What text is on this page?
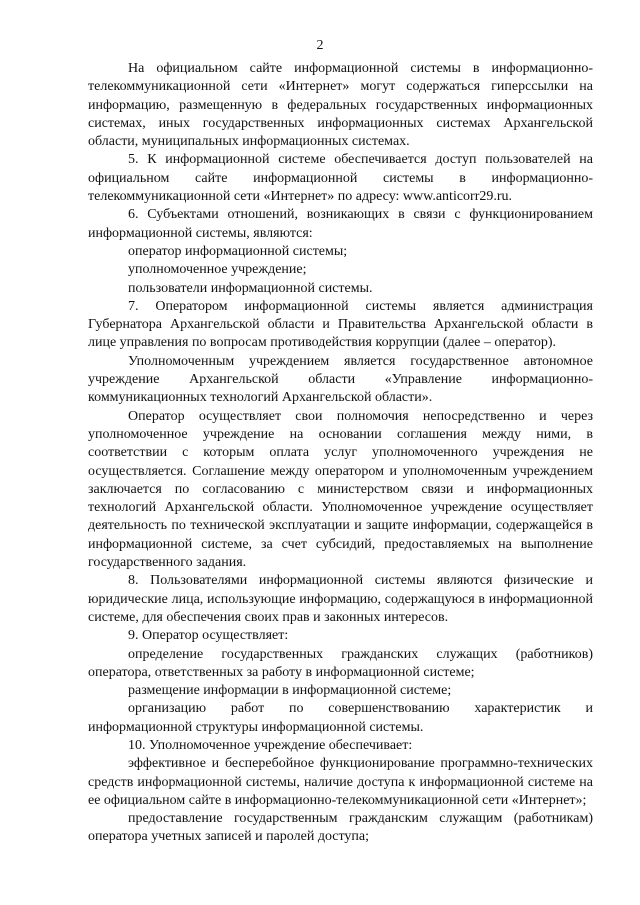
2

На официальном сайте информационной системы в информационно-телекоммуникационной сети «Интернет» могут содержаться гиперссылки на информацию, размещенную в федеральных государственных информационных системах, иных государственных информационных системах Архангельской области, муниципальных информационных системах.

5. К информационной системе обеспечивается доступ пользователей на официальном сайте информационной системы в информационно-телекоммуникационной сети «Интернет» по адресу: www.anticorr29.ru.

6. Субъектами отношений, возникающих в связи с функционированием информационной системы, являются:

оператор информационной системы;

уполномоченное учреждение;

пользователи информационной системы.

7. Оператором информационной системы является администрация Губернатора Архангельской области и Правительства Архангельской области в лице управления по вопросам противодействия коррупции (далее – оператор).

Уполномоченным учреждением является государственное автономное учреждение Архангельской области «Управление информационно-коммуникационных технологий Архангельской области».

Оператор осуществляет свои полномочия непосредственно и через уполномоченное учреждение на основании соглашения между ними, в соответствии с которым оплата услуг уполномоченного учреждения не осуществляется. Соглашение между оператором и уполномоченным учреждением заключается по согласованию с министерством связи и информационных технологий Архангельской области. Уполномоченное учреждение осуществляет деятельность по технической эксплуатации и защите информации, содержащейся в информационной системе, за счет субсидий, предоставляемых на выполнение государственного задания.

8. Пользователями информационной системы являются физические и юридические лица, использующие информацию, содержащуюся в информационной системе, для обеспечения своих прав и законных интересов.

9. Оператор осуществляет:

определение государственных гражданских служащих (работников) оператора, ответственных за работу в информационной системе;

размещение информации в информационной системе;

организацию работ по совершенствованию характеристик и информационной структуры информационной системы.

10. Уполномоченное учреждение обеспечивает:

эффективное и бесперебойное функционирование программно-технических средств информационной системы, наличие доступа к информационной системе на ее официальном сайте в информационно-телекоммуникационной сети «Интернет»;

предоставление государственным гражданским служащим (работникам) оператора учетных записей и паролей доступа;
